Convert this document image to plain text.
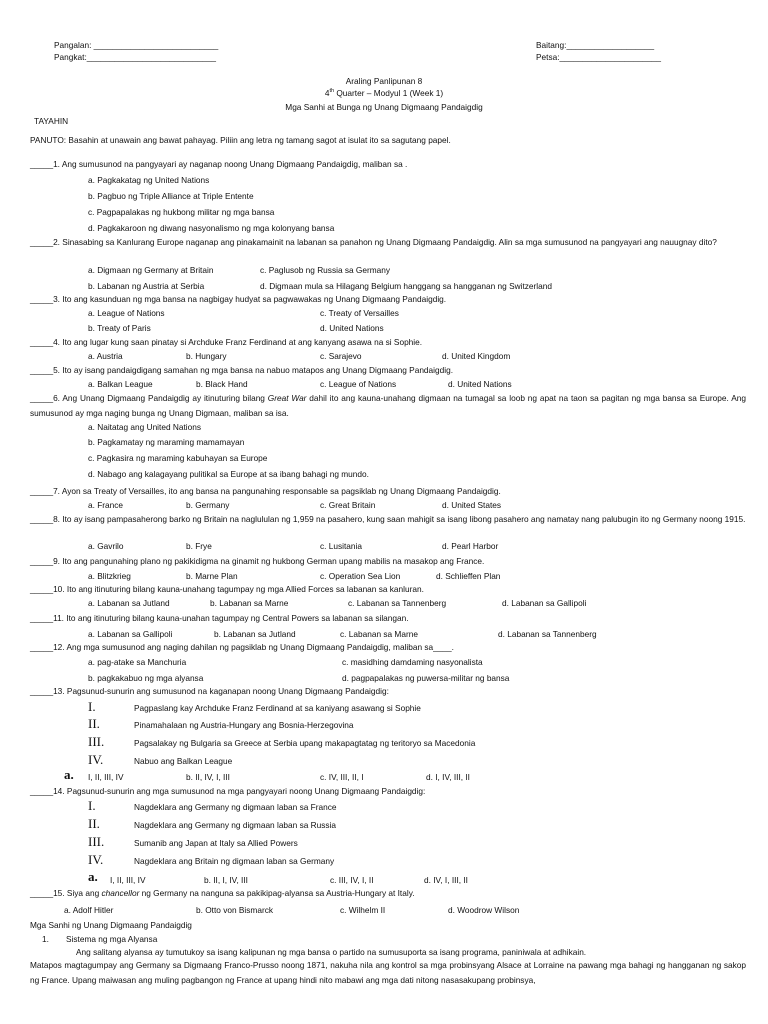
Pangalan: ___________________________
Pangkat:____________________________
Baitang:___________________
Petsa:______________________
Araling Panlipunan 8
4th Quarter – Modyul 1 (Week 1)
Mga Sanhi at Bunga ng Unang Digmaang Pandaigdig
TAYAHIN
PANUTO: Basahin at unawain ang bawat pahayag. Piliin ang letra ng tamang sagot at isulat ito sa sagutang papel.
_____1. Ang sumusunod na pangyayari ay naganap noong Unang Digmaang Pandaigdig, maliban sa .
a. Pagkakatag ng United Nations
b. Pagbuo ng Triple Alliance at Triple Entente
c. Pagpapalakas ng hukbong militar ng mga bansa
d. Pagkakaroon ng diwang nasyonalismo ng mga kolonyang bansa
_____2. Sinasabing sa Kanlurang Europe naganap ang pinakamainit na labanan sa panahon ng Unang Digmaang Pandaigdig. Alin sa mga sumusunod na pangyayari ang nauugnay dito?
a. Digmaan ng Germany at Britain	c. Paglusob ng Russia sa Germany
b. Labanan ng Austria at Serbia	d. Digmaan mula sa Hilagang Belgium hanggang sa hangganan ng Switzerland
_____3. Ito ang kasunduan ng mga bansa na nagbigay hudyat sa pagwawakas ng Unang Digmaang Pandaigdig.
a. League of Nations	c. Treaty of Versailles
b. Treaty of Paris	d. United Nations
_____4. Ito ang lugar kung saan pinatay si Archduke Franz Ferdinand at ang kanyang asawa na si Sophie.
a. Austria	b. Hungary	c. Sarajevo	d. United Kingdom
_____5. Ito ay isang pandaigdigang samahan ng mga bansa na nabuo matapos ang Unang Digmaang Pandaigdig.
a. Balkan League	b. Black Hand	c. League of Nations	d. United Nations
_____6. Ang Unang Digmaang Pandaigdig ay itinuturing bilang Great War dahil ito ang kauna-unahang digmaan na tumagal sa loob ng apat na taon sa pagitan ng mga bansa sa Europe. Ang sumusunod ay mga naging bunga ng Unang Digmaan, maliban sa isa.
a. Naitatag ang United Nations
b. Pagkamatay ng maraming mamamayan
c. Pagkasira ng maraming kabuhayan sa Europe
d. Nabago ang kalagayang pulitikal sa Europe at sa ibang bahagi ng mundo.
_____7. Ayon sa Treaty of Versailles, ito ang bansa na pangunahing responsable sa pagsiklab ng Unang Digmaang Pandaigdig.
a. France	b. Germany	c. Great Britain	d. United States
_____8. Ito ay isang pampasaherong barko ng Britain na naglululan ng 1,959 na pasahero, kung saan mahigit sa isang libong pasahero ang namatay nang palubugin ito ng Germany noong 1915.
a. Gavrilo	b. Frye	c. Lusitania	d. Pearl Harbor
_____9. Ito ang pangunahing plano ng pakikidigma na ginamit ng hukbong German upang mabilis na masakop ang France.
a. Blitzkrieg	b. Marne Plan	c. Operation Sea Lion	d. Schlieffen Plan
_____10. Ito ang itinuturing bilang kauna-unahang tagumpay ng mga Allied Forces sa labanan sa kanluran.
a. Labanan sa Jutland	b. Labanan sa Marne	c. Labanan sa Tannenberg	d. Labanan sa Gallipoli
_____11. Ito ang itinuturing bilang kauna-unahan tagumpay ng Central Powers sa labanan sa silangan.
a. Labanan sa Gallipoli	b. Labanan sa Jutland	c. Labanan sa Marne	d. Labanan sa Tannenberg
_____12. Ang mga sumusunod ang naging dahilan ng pagsiklab ng Unang Digmaang Pandaigdig, maliban sa____.
a. pag-atake sa Manchuria	c. masidhing damdaming nasyonalista
b. pagkakabuo ng mga alyansa	d. pagpapalakas ng puwersa-militar ng bansa
_____13. Pagsunud-sunurin ang sumusunod na kaganapan noong Unang Digmaang Pandaigdig:
I.	Pagpaslang kay Archduke Franz Ferdinand at sa kaniyang asawang si Sophie
II.	Pinamahalaan ng Austria-Hungary ang Bosnia-Herzegovina
III.	Pagsalakay ng Bulgaria sa Greece at Serbia upang makapagtatag ng teritoryo sa Macedonia
IV.	Nabuo ang Balkan League
a. I, II, III, IV	b. II, IV, I, III	c. IV, III, II, I	d. I, IV, III, II
_____14. Pagsunud-sunurin ang mga sumusunod na mga pangyayari noong Unang Digmaang Pandaigdig:
I.	Nagdeklara ang Germany ng digmaan laban sa France
II.	Nagdeklara ang Germany ng digmaan laban sa Russia
III.	Sumanib ang Japan at Italy sa Allied Powers
IV.	Nagdeklara ang Britain ng digmaan laban sa Germany
a. I, II, III, IV	b. II, I, IV, III	c. III, IV, I, II	d. IV, I, III, II
_____15. Siya ang chancellor ng Germany na nanguna sa pakikipag-alyansa sa Austria-Hungary at Italy.
a. Adolf Hitler	b. Otto von Bismarck	c. Wilhelm II	d. Woodrow Wilson
Mga Sanhi ng Unang Digmaang Pandaigdig
1. Sistema ng mga Alyansa
Ang salitang alyansa ay tumutukoy sa isang kalipunan ng mga bansa o partido na sumusuporta sa isang programa, paniniwala at adhikain.
Matapos magtagumpay ang Germany sa Digmaang Franco-Prusso noong 1871, nakuha nila ang kontrol sa mga probinsyang Alsace at Lorraine na pawang mga bahagi ng hangganan ng sakop ng France. Upang maiwasan ang muling pagbangon ng France at upang hindi nito mabawi ang mga dati nitong nasasakupang probinsya,
